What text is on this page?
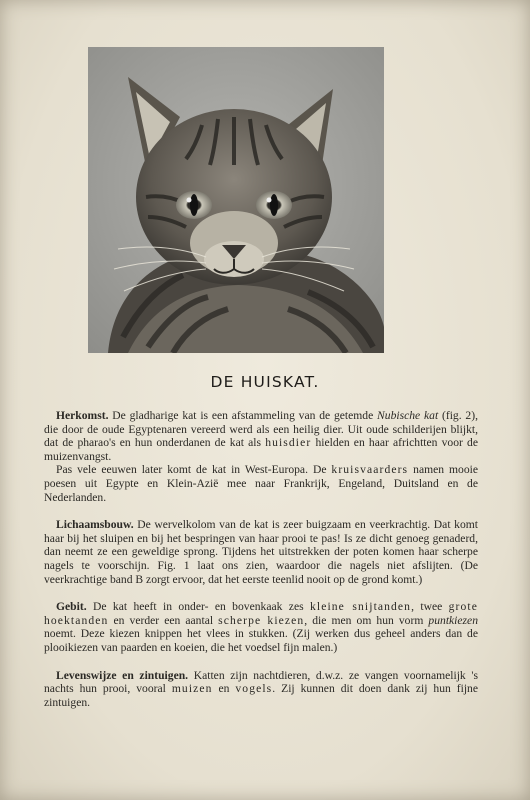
DE HUISKAT.

Herkomst. De gladharige kat is een afstammeling van de getemde Nubische kat (fig. 2), die door de oude Egyptenaren vereerd werd als een heilig dier. Uit oude schilderijen blijkt, dat de pharao's en hun onderdanen de kat als huisdier hielden en haar africhtten voor de muizenvangst.

Pas vele eeuwen later komt de kat in West-Europa. De kruisvaarders namen mooie poesen uit Egypte en Klein-Azië mee naar Frankrijk, Engeland, Duitsland en de Nederlanden.

Lichaamsbouw. De wervelkolom van de kat is zeer buigzaam en veerkrachtig. Dat komt haar bij het sluipen en bij het bespringen van haar prooi te pas! Is ze dicht genoeg genaderd, dan neemt ze een geweldige sprong. Tijdens het uitstrekken der poten komen haar scherpe nagels te voorschijn. Fig. 1 laat ons zien, waardoor die nagels niet afslijten. (De veerkrachtige band B zorgt ervoor, dat het eerste teenlid nooit op de grond komt.)

Gebit. De kat heeft in onder- en bovenkaak zes kleine snijtanden, twee grote hoektanden en verder een aantal scherpe kiezen, die men om hun vorm puntkiezen noemt. Deze kiezen knippen het vlees in stukken. (Zij werken dus geheel anders dan de plooikiezen van paarden en koeien, die het voedsel fijn malen.)

Levenswijze en zintuigen. Katten zijn nachtdieren, d.w.z. ze vangen voornamelijk 's nachts hun prooi, vooral muizen en vogels. Zij kunnen dit doen dank zij hun fijne zintuigen.
